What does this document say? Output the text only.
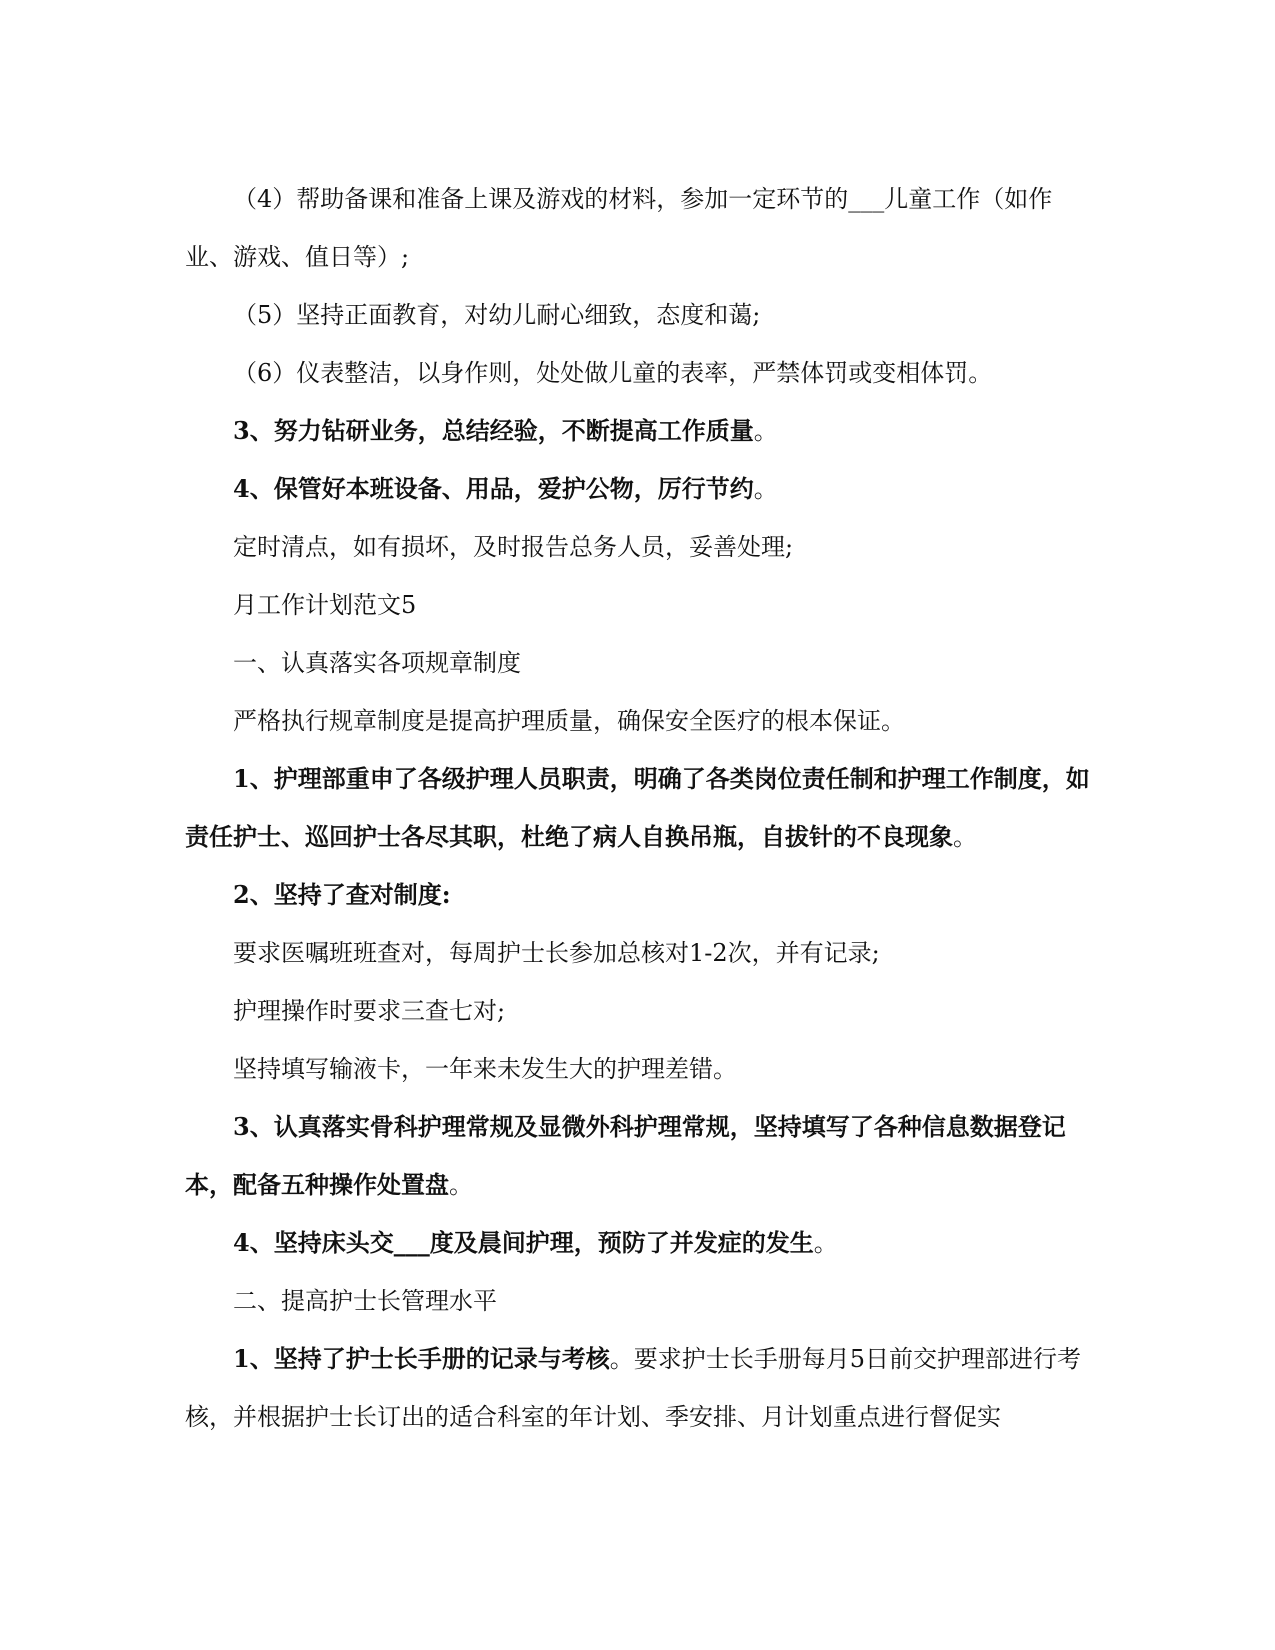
（4）帮助备课和准备上课及游戏的材料，参加一定环节的___儿童工作（如作业、游戏、值日等）;

（5）坚持正面教育，对幼儿耐心细致，态度和蔼;

（6）仪表整洁，以身作则，处处做儿童的表率，严禁体罚或变相体罚。

3、努力钻研业务，总结经验，不断提高工作质量。

4、保管好本班设备、用品，爱护公物，厉行节约。

定时清点，如有损坏，及时报告总务人员，妥善处理;

月工作计划范文5

一、认真落实各项规章制度

严格执行规章制度是提高护理质量，确保安全医疗的根本保证。

1、护理部重申了各级护理人员职责，明确了各类岗位责任制和护理工作制度，如责任护士、巡回护士各尽其职，杜绝了病人自换吊瓶，自拔针的不良现象。

2、坚持了查对制度:

要求医嘱班班查对，每周护士长参加总核对1-2次，并有记录;

护理操作时要求三查七对;

坚持填写输液卡，一年来未发生大的护理差错。

3、认真落实骨科护理常规及显微外科护理常规，坚持填写了各种信息数据登记本，配备五种操作处置盘。

4、坚持床头交___度及晨间护理，预防了并发症的发生。

二、提高护士长管理水平

1、坚持了护士长手册的记录与考核。要求护士长手册每月5日前交护理部进行考核，并根据护士长订出的适合科室的年计划、季安排、月计划重点进行督促实
